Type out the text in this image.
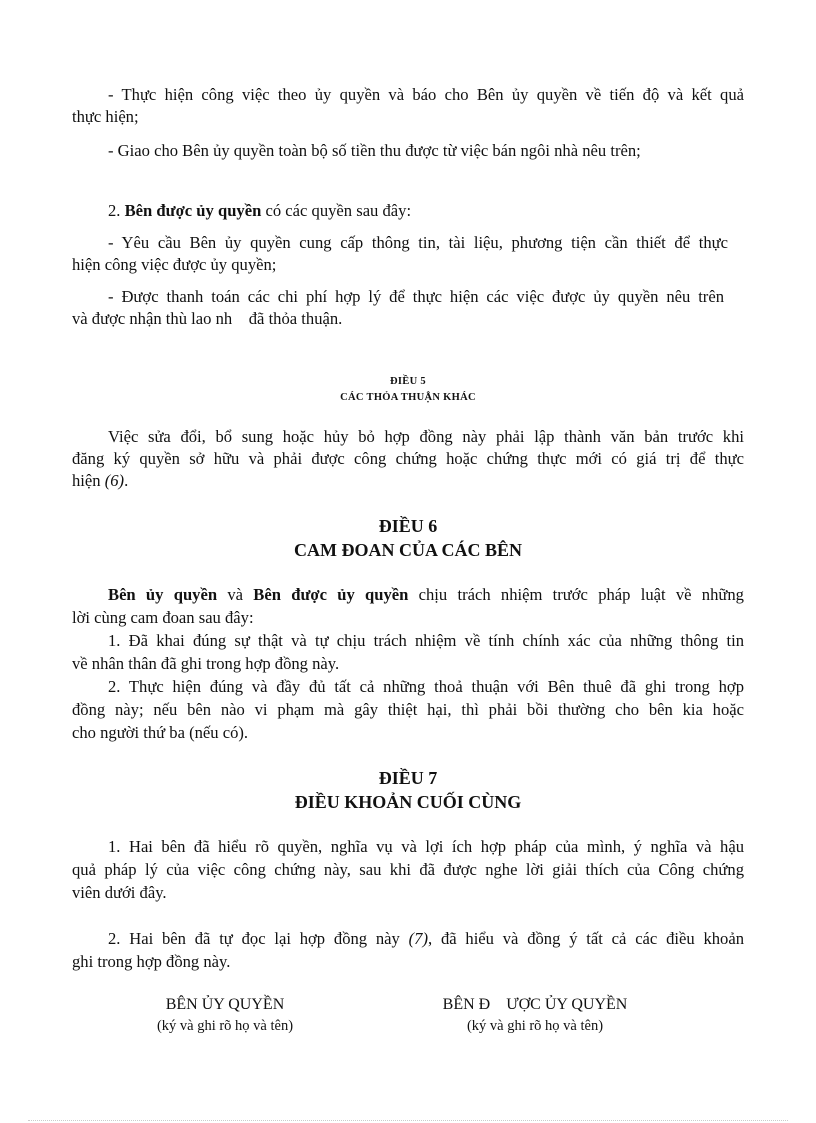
- Thực hiện công việc theo ủy quyền và báo cho Bên ủy quyền về tiến độ và kết quả

thực hiện;

- Giao cho Bên ủy quyền toàn bộ số tiền thu được từ việc bán ngôi nhà nêu trên;

2. Bên được ủy quyền có các quyền sau đây:

- Yêu cầu Bên ủy quyền cung cấp thông tin, tài liệu, phương tiện cần thiết để thực

hiện công việc được ủy quyền;

- Được thanh toán các chi phí hợp lý để thực hiện các việc được ủy quyền nêu trên

và được nhận thù lao nh    đã thỏa thuận.

ĐIỀU 5

CÁC THỎA THUẬN KHÁC

Việc sửa đổi, bổ sung hoặc hủy bỏ hợp đồng này phải lập thành văn bản trước khi

đăng ký quyền sở hữu và phải được công chứng hoặc chứng thực mới có giá trị để thực

hiện (6).

ĐIỀU 6

CAM ĐOAN CỦA CÁC BÊN

Bên ủy quyền và Bên được ủy quyền chịu trách nhiệm trước pháp luật về những

lời cùng cam đoan sau đây:

1. Đã khai đúng sự thật và tự chịu trách nhiệm về tính chính xác của những thông tin

về nhân thân đã ghi trong hợp đồng này.

2. Thực hiện đúng và đầy đủ tất cả những thoả thuận với Bên thuê đã ghi trong hợp

đồng này; nếu bên nào vi phạm mà gây thiệt hại, thì phải bồi thường cho bên kia hoặc

cho người thứ ba (nếu có).

ĐIỀU 7

ĐIỀU KHOẢN CUỐI CÙNG

1. Hai bên đã hiểu rõ quyền, nghĩa vụ và lợi ích hợp pháp của mình, ý nghĩa và hậu

quả pháp lý của việc công chứng này, sau khi đã được nghe lời giải thích của Công chứng

viên dưới đây.

2. Hai bên đã tự đọc lại hợp đồng này (7), đã hiểu và đồng ý tất cả các điều khoản

ghi trong hợp đồng này.

BÊN ỦY QUYỀN

(ký và ghi rõ họ và tên)

BÊN Đ    ƯỢC ỦY QUYỀN

(ký và ghi rõ họ và tên)
